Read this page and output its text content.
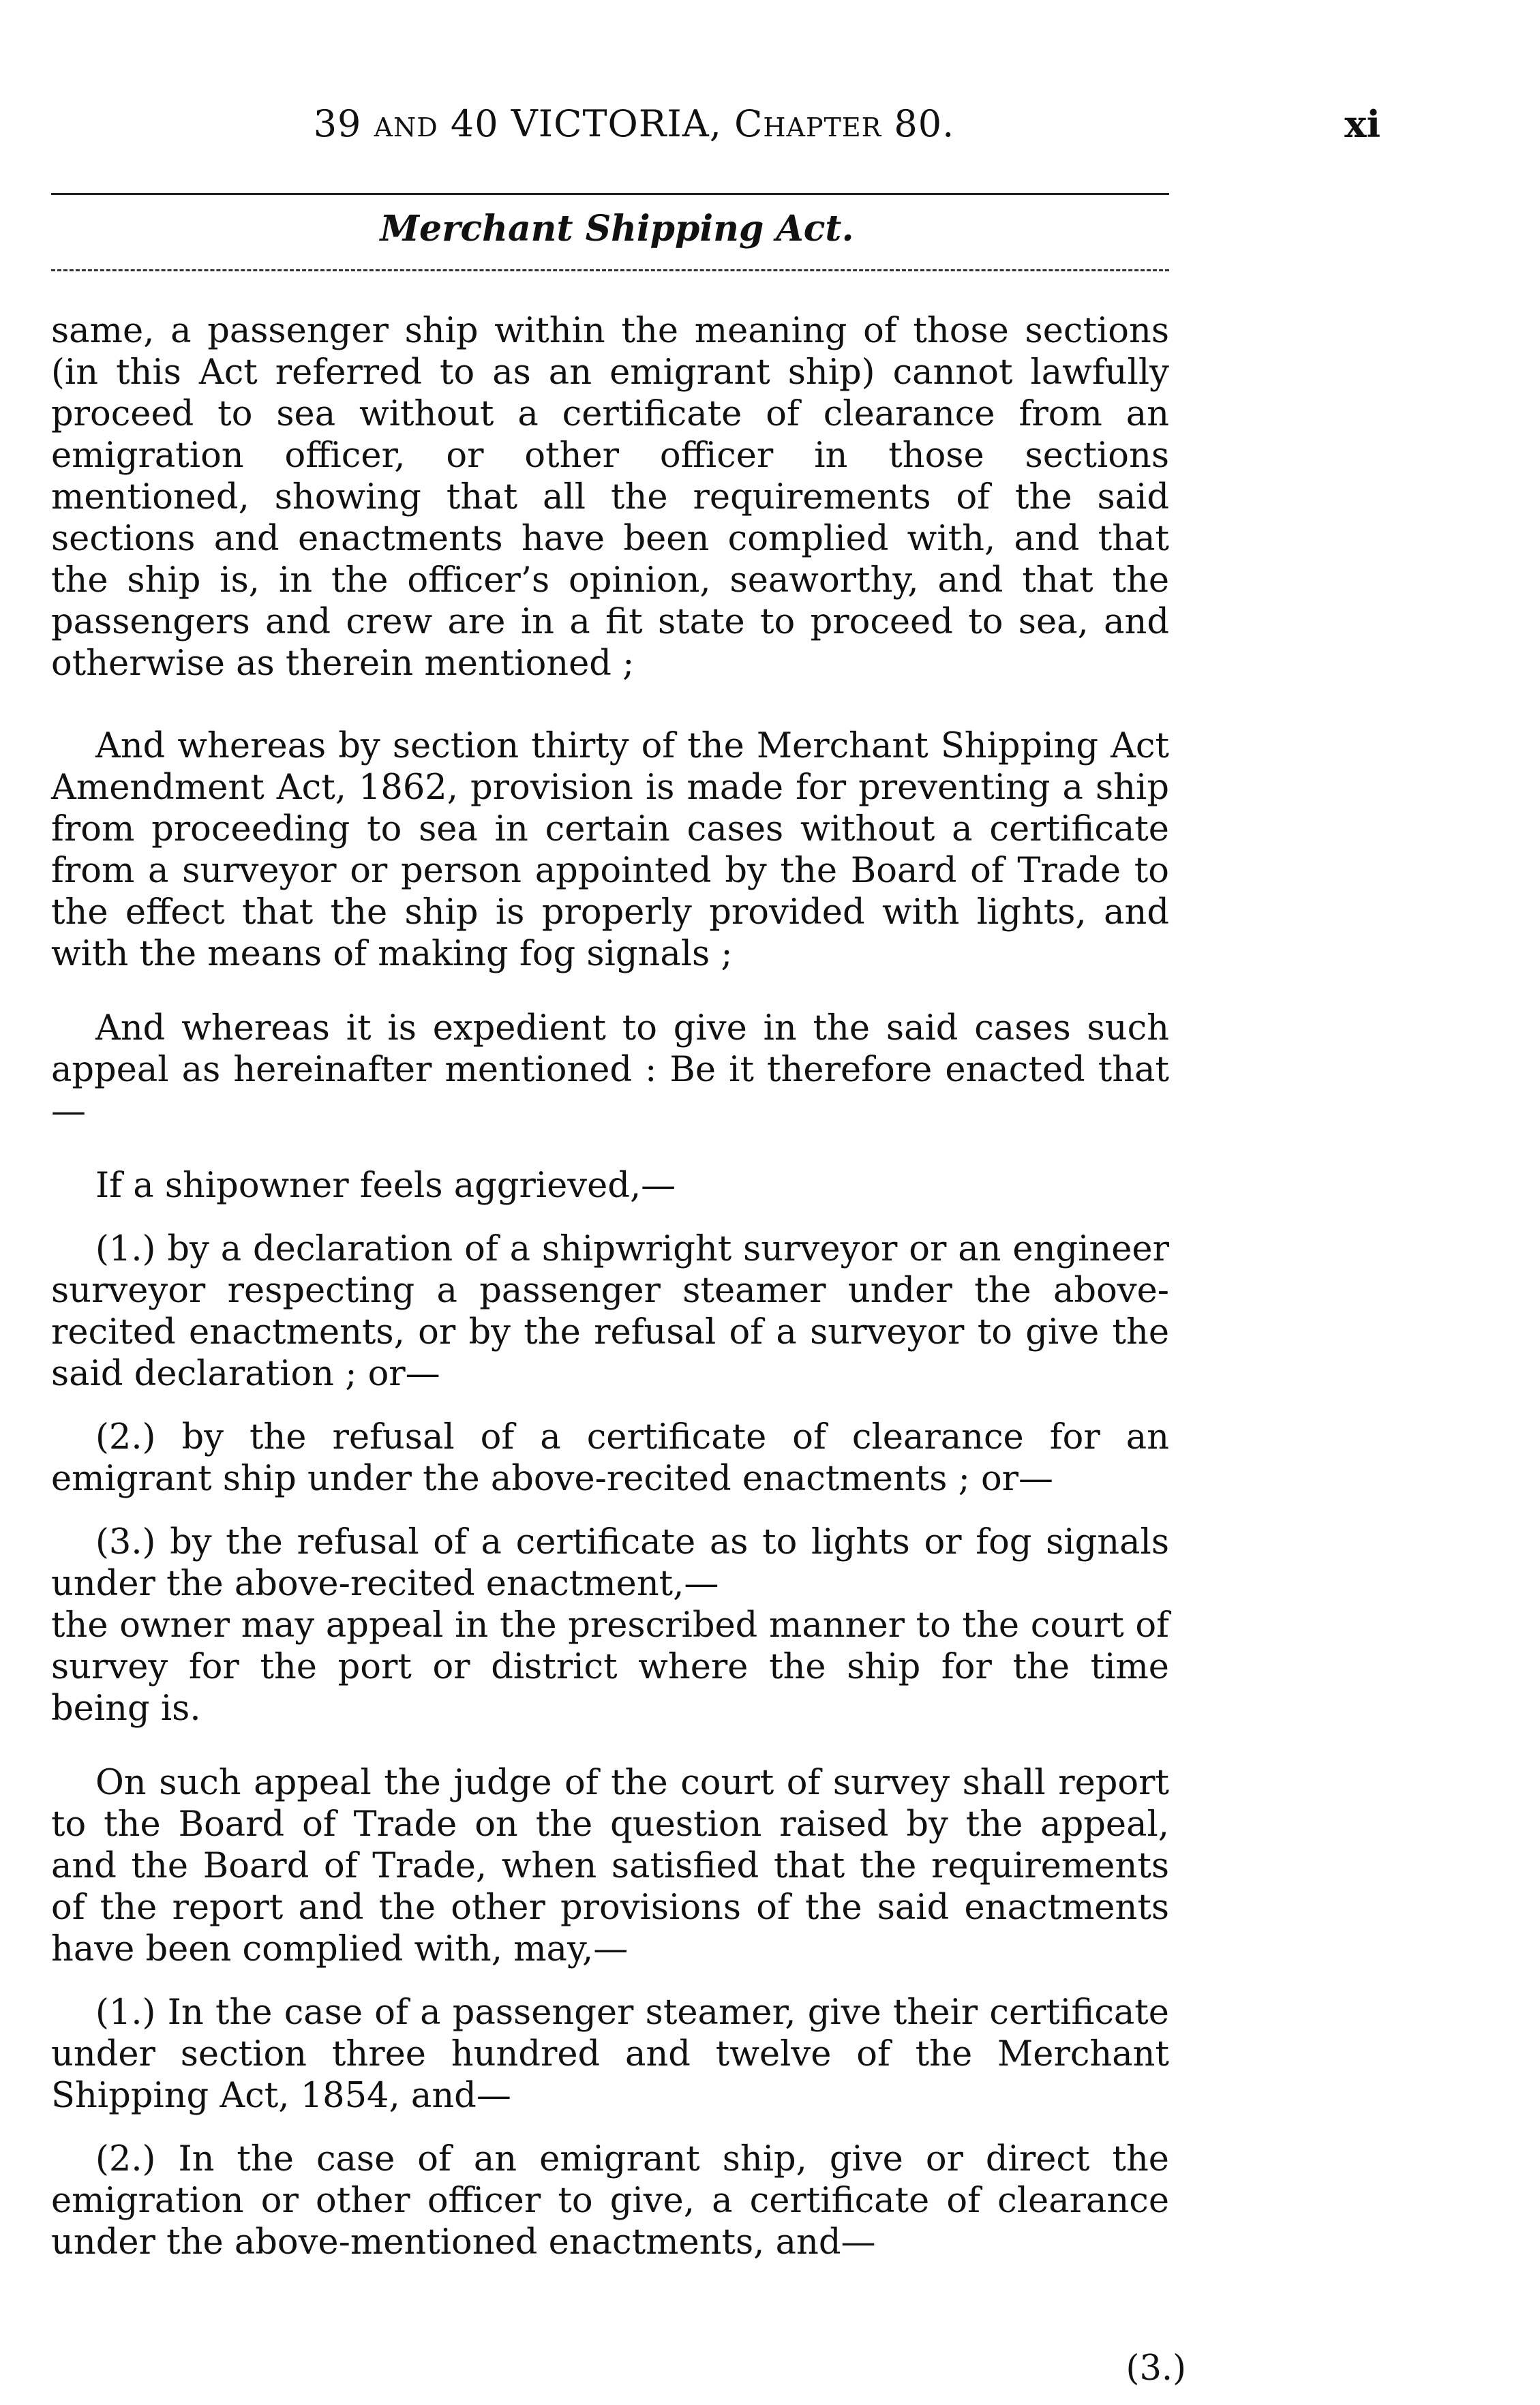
39 and 40 VICTORIA, Chapter 80.	xi
Merchant Shipping Act.

same, a passenger ship within the meaning of those sections (in this Act referred to as an emigrant ship) cannot lawfully proceed to sea without a certificate of clearance from an emigration officer, or other officer in those sections mentioned, showing that all the requirements of the said sections and enactments have been complied with, and that the ship is, in the officer’s opinion, seaworthy, and that the passengers and crew are in a fit state to proceed to sea, and otherwise as therein mentioned ;

And whereas by section thirty of the Merchant Shipping Act Amendment Act, 1862, provision is made for preventing a ship from proceeding to sea in certain cases without a certificate from a surveyor or person appointed by the Board of Trade to the effect that the ship is properly provided with lights, and with the means of making fog signals ;

And whereas it is expedient to give in the said cases such appeal as hereinafter mentioned : Be it therefore enacted that—

If a shipowner feels aggrieved,—

(1.) by a declaration of a shipwright surveyor or an engineer surveyor respecting a passenger steamer under the above-recited enactments, or by the refusal of a surveyor to give the said declaration ; or—

(2.) by the refusal of a certificate of clearance for an emigrant ship under the above-recited enactments ; or—

(3.) by the refusal of a certificate as to lights or fog signals under the above-recited enactment,—

the owner may appeal in the prescribed manner to the court of survey for the port or district where the ship for the time being is.

On such appeal the judge of the court of survey shall report to the Board of Trade on the question raised by the appeal, and the Board of Trade, when satisfied that the requirements of the report and the other provisions of the said enactments have been complied with, may,—

(1.) In the case of a passenger steamer, give their certificate under section three hundred and twelve of the Merchant Shipping Act, 1854, and—

(2.) In the case of an emigrant ship, give or direct the emigration or other officer to give, a certificate of clearance under the above-mentioned enactments, and—

(3.)
